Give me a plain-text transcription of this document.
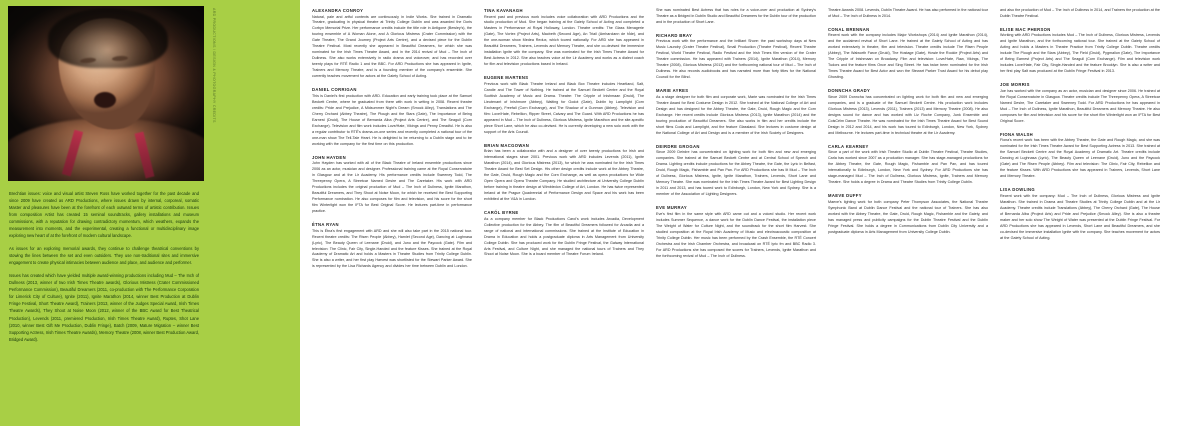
Brechtian issues: voice and visual artist Steven Ross have worked together for the past decade and since 2009 have created as ARD Productions, where issues drawn by internal, corporeal, somatic Master and pleasures have been at the forefront of each outward terms of artistic contribution. Issues from composition Artist has created 15 seminal soundtracks, gallery installations and museum commissions, with a reputation for drawing contradictory momentum, which weathers, expands the measurement into moments, and the experimental, creating a functional or multidisciplinary image exploring new heart of at the forefront of modern cultural landscape.

As issues for an exploring memorial awards, they continue to challenge theatrical conventions by stowing the lines between the set and even outsiders. They use non-traditional sites and immersive engagement to create physical intimacies between audience and place, and audience and performer.

Issues has created which have yielded multiple award-winning productions including Mud – The Inch of Dullness (2013, winner of two Irish Times Theatre awards), Glorious Mistress (Crater Commissioned Performance Commission), Beautiful Dreamers (2011, co-production with The Performance Corporation for Limerick City of Culture), Ignite (2011), Ignite Marathon (2014, winner Best Production at Dublin Fringe Festival, Short Theatre Award), Trainers (2013, winner of the Judges Special Award, Irish Times Theatre Awards), They Shoot at Noise Moon (2012, winner of the BBC Award for Best Theatrical Production), Levends (2011, premiered Production, Irish Times Theatre Award), Ruptes, Shot Lane (2010, winner Best Gift Me Production, Dublin Fringe), Batch (2009, Mature Migration – winner Best Supporting Actress, Irish Times Theatre Awards), Memory Theatre (2008, winner Best Production Award, Bridged Award).

ARD PRODUCTIONS / DESIGN & PHOTOGRAPHY CREDITS	ALEXANDRA CONROY
Natural, pale and artful contexts are continuously in Indie Works. She trained in Dramatic Theatre, graduating in physical theatre at Trinity College Dublin and was awarded the Doris Corbyn Memorial Prize. Her performance credits include the title role in Antigone (Bewley's), the touring ensemble of A Woman Alone, and A Glorious Mistress (Crater Commission) with the Gate Theatre, The Grand Journey (Project Arts Centre), and a devised piece for the Dublin Theatre Festival. Most recently she appeared in Beautiful Dreamers, for which she was nominated for the Irish Times Theatre Award, and in the 2014 revival of Mud – The Inch of Dullness. She also works extensively in radio drama and voiceover, and has recorded over twenty plays for RTÉ Radio 1 and the BBC. For ARD Productions she has appeared in Ignite, Trainers and Memory Theatre, and is a founding member of the company's ensemble. She currently teaches movement for actors at the Gaiety School of Acting.
DANIEL CORRIGAN
This is Daniel's first production with ARD. Education and early training took place at the Samuel Beckett Centre, where he graduated from there with work in writing in 2008. Recent theatre credits: Pride and Prejudice, A Midsummer Night's Dream (Smock Alley), Translations and The Cherry Orchard (Abbey Theatre), The Plough and the Stars (Gate), The Importance of Being Earnest (Druid), The House of Bernarda Alba (Project Arts Centre), and The Seagull (Corn Exchange). Television and film work includes Love/Hate, Vikings and Penny Dreadful. He is also a regular contributor to RTÉ's drama-on-one series and recently completed a national tour of the one-man show The Tell-Tale Heart. He is delighted to be returning to a Dublin stage and to be working with the company for the first time on this production.
JOHN HAYDEN
John Hayden has worked with all of the Black Theatre of Ireland ensemble productions since 2006 as an actor, musician and designer. Professional training came at the Royal Conservatoire in Glasgow and at the Lir Academy. His performance credits include Sweeney Todd, The Threepenny Opera, A Streetcar Named Desire and The Caretaker. His work with ARD Productions includes the original production of Mud – The Inch of Dullness, Ignite Marathon, Beautiful Dreamers, and They Shoot at Noise Moon, for which he received the Best Supporting Performance nomination. He also composes for film and television, and his score for the short film Winterlight won the IFTA for Best Original Score. He lectures part-time in performance practice.
ÉTNA RYAN
This is Étna's first engagement with ARD and she will also take part in the 2015 national tour. Recent theatre credits: The Risen People (Abbey), Hamlet (Second Age), Dancing at Lughnasa (Lyric), The Beauty Queen of Leenane (Druid), and Juno and the Paycock (Gate). Film and television: The Clinic, Fair City, Single-Handed and the feature Kisses. She trained at the Royal Academy of Dramatic Art and holds a Masters in Theatre Studies from Trinity College Dublin. She is also a writer, and her first play Harvest was shortlisted for the Stewart Parker Award. She is represented by the Lisa Richards Agency and divides her time between Dublin and London.
TINA KAVANAGH
Recent past and previous work includes voice collaboration with ARD Productions and the studio production of Mud. She began training at the Gaiety School of Acting and completed a Masters in Performance at Royal Holloway, London. Theatre credits: The Glass Menagerie (Gate), The Vortex (Project Arts), Macbeth (Second Age), An Triail (Amharclann de hÍde), and the one-woman show Medea Redux, which toured nationally. For ARD she has appeared in Beautiful Dreamers, Trainers, Levends and Memory Theatre, and she co-devised the immersive installation Ignite with the company. She was nominated for the Irish Times Theatre Award for Best Actress in 2012. She also teaches voice at the Lir Academy and works as a dialect coach for film and television productions based in Ireland.
EUGENE MARTENS
Previous work with Black Theatre Ireland and Black Box Theatre includes Heartland, Salt, Candle and The Tower of Nothing. He trained at the Samuel Beckett Centre and the Royal Scottish Academy of Music and Drama. Theatre: The Cripple of Inishmaan (Druid), The Lieutenant of Inishmore (Abbey), Waiting for Godot (Gate), Dublin by Lamplight (Corn Exchange), Freefall (Corn Exchange), and The Shadow of a Gunman (Abbey). Television and film: Love/Hate, Rebellion, Ripper Street, Calvary and The Guard. With ARD Productions he has appeared in Mud – The Inch of Dullness, Glorious Mistress, Ignite Marathon and the site-specific piece Short Lane, which he also co-devised. He is currently developing a new solo work with the support of the Arts Council.
BRIAN MACGOWAN
Brian has been a collaborator with and a designer of over twenty productions for Irish and international stages since 2001. Previous work with ARD includes Levends (2011), Ignite Marathon (2014), and Glorious Mistress (2013), for which he was nominated for the Irish Times Theatre Award for Best Set Design. His other design credits include work at the Abbey Theatre, the Gate, Druid, Rough Magic and the Corn Exchange, as well as opera productions for Wide Open Opera and Opera Theatre Company. He studied architecture at University College Dublin before training in theatre design at Wimbledon College of Art, London. He has twice represented Ireland at the Prague Quadrennial of Performance Design and Space and his work has been exhibited at the V&A in London.
CARÓL BYRNE
As a company member for Black Productions Carol's work includes Arcadia, Development Collective production for the Abbey. The film of Beautiful Dreamers followed for Arcadia and a range of national and international commissions. She trained at the Institute of Education in Drama in Education and holds a postgraduate diploma in Arts Management from University College Dublin. She has produced work for the Dublin Fringe Festival, the Galway International Arts Festival, and Culture Night, and she managed the national tours of Trainers and They Shoot at Noise Moon. She is a board member of Theatre Forum Ireland.
She was nominated Best Actress that has roles for a voice-over and production at Sydney's Theatre as a Bridged in Dublin Studio and Beautiful Dreamers for the Dublin tour of the production and in the production of Short Lane.
RICHARD BRAY
Previous work with the performance and the brilliant Shore: the past workshop days at New Music Laundry (Crater Theatre Festival), Small Production (Theatre Festival), Recent Theatre Festival, World Theatre Festival, Radio Festival and the Irish Times film version of the Crater Theatre commission. He has appeared with Trainers (2014), Ignite Marathon (2014), Memory Theatre (2008), Glorious Mistress (2013) and the forthcoming national tour of Mud – The Inch of Dullness. He also records audiobooks and has narrated more than forty titles for the National Council for the Blind.
MARIE AYRES
As a stage designer for both film and corporate work, Marie was nominated for the Irish Times Theatre Award for Best Costume Design in 2012. She trained at the National College of Art and Design and has designed for the Abbey Theatre, the Gate, Druid, Rough Magic and the Corn Exchange. Her recent credits include Glorious Mistress (2013), Ignite Marathon (2014) and the touring production of Beautiful Dreamers. She also works in film and her credits include the short films Coda and Lamplight, and the feature Glassland. She lectures in costume design at the National College of Art and Design and is a member of the Irish Society of Designers.
DEIRDRE GROGAN
Since 2009 Deirdre has concentrated on lighting work for both film and new and emerging companies. She trained at the Samuel Beckett Centre and at Central School of Speech and Drama. Lighting credits include productions for the Abbey Theatre, the Gate, the Lyric in Belfast, Druid, Rough Magic, Fishamble and Pan Pan. For ARD Productions she has lit Mud – The Inch of Dullness, Glorious Mistress, Ignite, Ignite Marathon, Trainers, Levends, Short Lane and Memory Theatre. She was nominated for the Irish Times Theatre Award for Best Lighting Design in 2011 and 2013, and has toured work to Edinburgh, London, New York and Sydney. She is a member of the Association of Lighting Designers.
EVE MURRAY
Eve's first film in the same style with ARD came out and a voiced studio. Her recent work includes Summer Sequence, a dance work for the Dublin Dance Festival, the installation piece The Weight of Water for Culture Night, and the soundtrack for the short film Harvest. She studied composition at the Royal Irish Academy of Music and electroacoustic composition at Trinity College Dublin. Her music has been performed by the Crash Ensemble, the RTÉ Concert Orchestra and the Irish Chamber Orchestra, and broadcast on RTÉ lyric fm and BBC Radio 3. For ARD Productions she has composed the scores for Trainers, Levends, Ignite Marathon and the forthcoming revival of Mud – The Inch of Dullness.
Theatre Awards 2008. Levends, Dublin Theatre Award. He has also performed in the national tour of Mud – The Inch of Dullness in 2014.
CONAL BRENNAN
Recent work with the company includes Major Workshops (2014) and Ignite Marathon (2014), and the acclaimed revival of Short Lane. He trained at the Gaiety School of Acting and has worked extensively in theatre, film and television. Theatre credits include The Risen People (Abbey), The Walworth Farce (Druid), The Hostage (Gate), Howie the Rookie (Project Arts) and The Cripple of Inishmaan on Broadway. Film and television: Love/Hate, Raw, Vikings, The Tudors and the feature films Once and Sing Street. He has twice been nominated for the Irish Times Theatre Award for Best Actor and won the Stewart Parker Trust Award for his debut play Ghosting.
DONNCHA GRADY
Since 2009 Donncha has concentrated on lighting work for both film and new and emerging companies, and is a graduate of the Samuel Beckett Centre. His production work includes Glorious Mistress (2013), Levends (2011), Trainers (2013) and Memory Theatre (2008). He also designs sound for dance and has worked with Liz Roche Company, Junk Ensemble and CoisCéim Dance Theatre. He was nominated for the Irish Times Theatre Award for Best Sound Design in 2012 and 2014, and his work has toured to Edinburgh, London, New York, Sydney and Melbourne. He lectures part-time in technical theatre at the Lir Academy.
CARLA KEARNEY
Since a part of the work with Irish Theatre Studio at Dublin Theatre Festival, Theatre Studies, Carla has worked since 2007 as a production manager. She has stage-managed productions for the Abbey Theatre, the Gate, Rough Magic, Fishamble and Pan Pan, and has toured internationally to Edinburgh, London, New York and Sydney. For ARD Productions she has stage-managed Mud – The Inch of Dullness, Glorious Mistress, Ignite, Trainers and Memory Theatre. She holds a degree in Drama and Theatre Studies from Trinity College Dublin.
MAEVE DUFFY
Maeve's lighting work for both company Peter Thompson Associates, the National Theatre Symphonic Band at Dublin Dance Festival and the national tour of Trainers. She has also worked with the Abbey Theatre, the Gate, Druid, Rough Magic, Fishamble and the Gaiety, and has managed press and publicity campaigns for the Dublin Theatre Festival and the Dublin Fringe Festival. She holds a degree in Communications from Dublin City University and a postgraduate diploma in Arts Management from University College Dublin.
and also the production of Mud – The Inch of Dullness in 2014, and Trainers the production at the Dublin Theatre Festival.
ELISE MAC PHERSON
Working with ARD Productions includes Mud – The Inch of Dullness, Glorious Mistress, Levends and Ignite Marathon, and the forthcoming national tour. She trained at the Gaiety School of Acting and holds a Masters in Theatre Practice from Trinity College Dublin. Theatre credits include The Plough and the Stars (Abbey), The Field (Druid), Pygmalion (Gate), The Importance of Being Earnest (Project Arts) and The Seagull (Corn Exchange). Film and television work includes Love/Hate, Fair City, Single-Handed and the feature Brooklyn. She is also a writer and her first play Salt was produced at the Dublin Fringe Festival in 2013.
JOE MORRIS
Joe has worked with the company as an actor, musician and designer since 2006. He trained at the Royal Conservatoire in Glasgow. Theatre credits include The Threepenny Opera, A Streetcar Named Desire, The Caretaker and Sweeney Todd. For ARD Productions he has appeared in Mud – The Inch of Dullness, Ignite Marathon, Beautiful Dreamers and Memory Theatre. He also composes for film and television and his score for the short film Winterlight won an IFTA for Best Original Score.
FIONA WALSH
Fiona's recent work has been with the Abbey Theatre, the Gate and Rough Magic, and she was nominated for the Irish Times Theatre Award for Best Supporting Actress in 2013. She trained at the Samuel Beckett Centre and the Royal Academy of Dramatic Art. Theatre credits include Dancing at Lughnasa (Lyric), The Beauty Queen of Leenane (Druid), Juno and the Paycock (Gate) and The Risen People (Abbey). Film and television: The Clinic, Fair City, Rebellion and the feature Kisses. With ARD Productions she has appeared in Trainers, Levends, Short Lane and Memory Theatre.
LISA DOWLING
Recent work with the company: Mud – The Inch of Dullness, Glorious Mistress and Ignite Marathon. She trained in Drama and Theatre Studies at Trinity College Dublin and at the Lir Academy. Theatre credits include Translations (Abbey), The Cherry Orchard (Gate), The House of Bernarda Alba (Project Arts) and Pride and Prejudice (Smock Alley). She is also a theatre maker and her solo show The Weight of Water was presented at the Dublin Fringe Festival. For ARD Productions she has appeared in Levends, Short Lane and Beautiful Dreamers, and she co-devised the immersive installation Ignite with the company. She teaches movement for actors at the Gaiety School of Acting.
